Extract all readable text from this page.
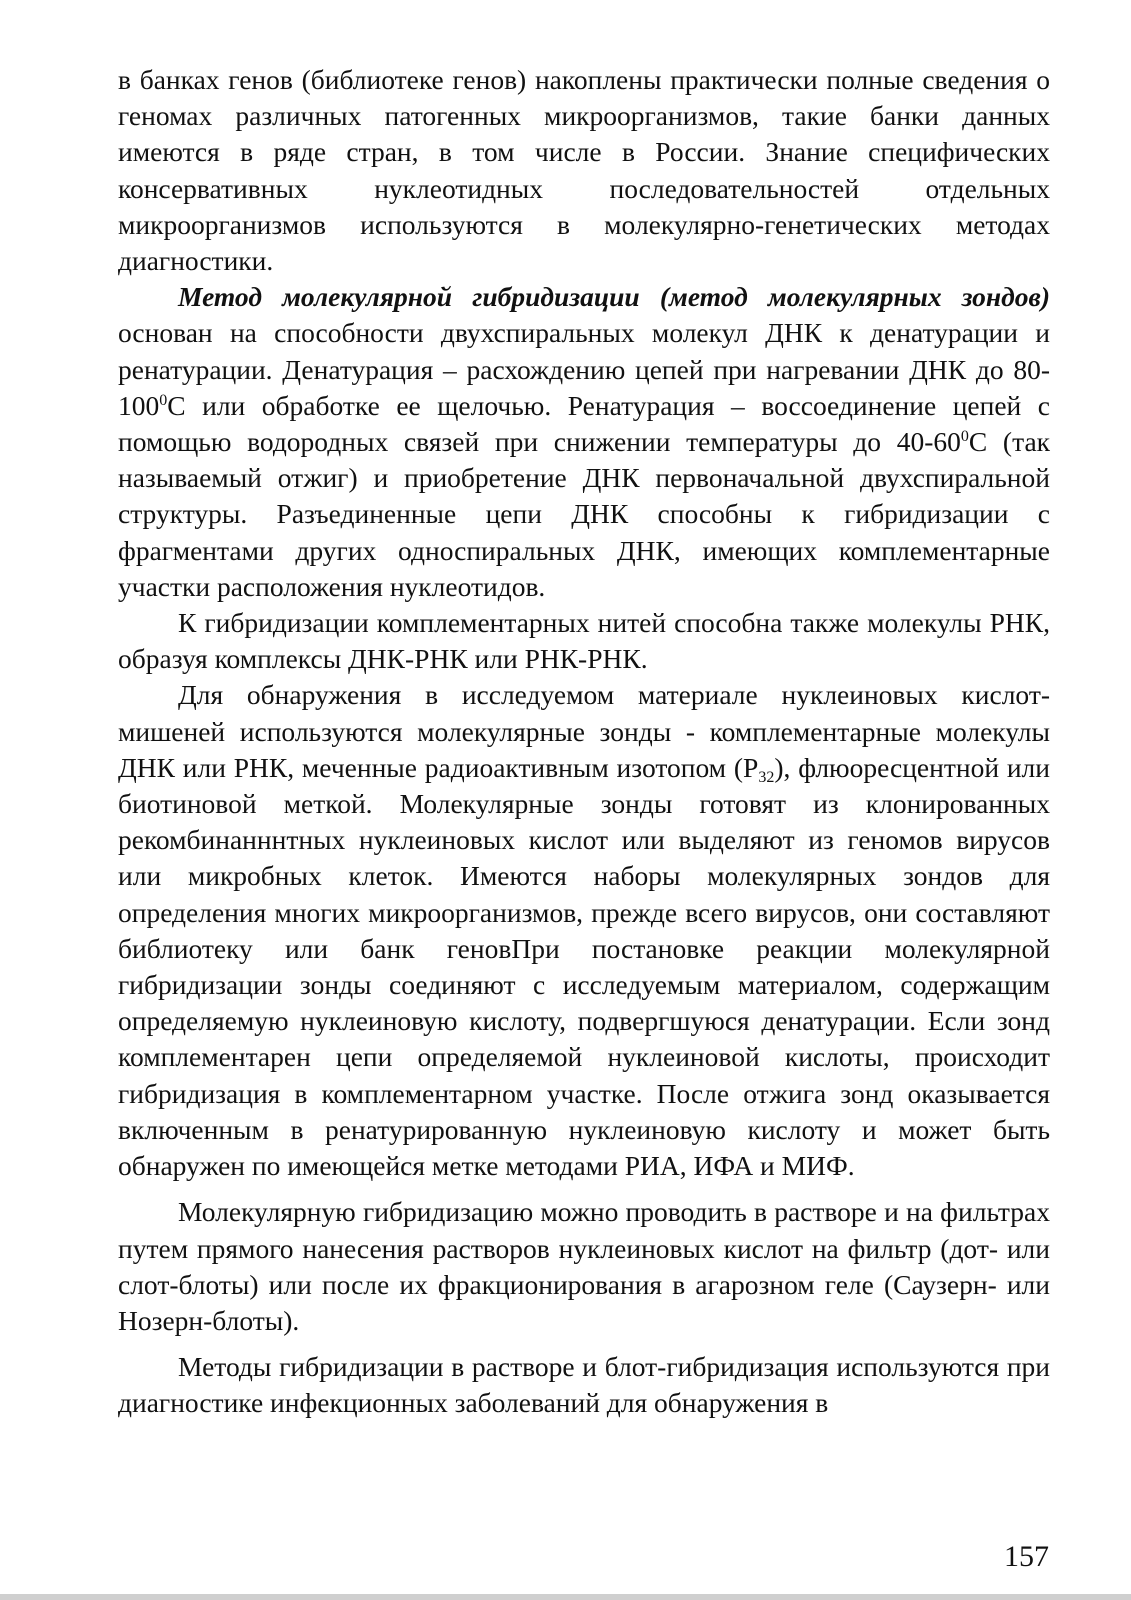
в банках генов (библиотеке генов) накоплены практически полные сведения о геномах различных патогенных микроорганизмов, такие банки данных имеются в ряде стран, в том числе в России. Знание специфических консервативных нуклеотидных последовательностей отдельных микроорганизмов используются в молекулярно-генетических методах диагностики.

Метод молекулярной гибридизации (метод молекулярных зондов) основан на способности двухспиральных молекул ДНК к денатурации и ренатурации. Денатурация – расхождению цепей при нагревании ДНК до $80-100^0С$ или обработке ее щелочью. Ренатурация – воссоединение цепей с помощью водородных связей при снижении температуры до $40-60^0С$ (так называемый отжиг) и приобретение ДНК первоначальной двухспиральной структуры. Разъединенные цепи ДНК способны к гибридизации с фрагментами других односпиральных ДНК, имеющих комплементарные участки расположения нуклеотидов.

К гибридизации комплементарных нитей способна также молекулы РНК, образуя комплексы ДНК-РНК или РНК-РНК.

Для обнаружения в исследуемом материале нуклеиновых кислот-мишеней используются молекулярные зонды - комплементарные молекулы ДНК или РНК, меченные радиоактивным изотопом $(Р_{32})$, флюоресцентной или биотиновой меткой. Молекулярные зонды готовят из клонированных рекомбинанннтных нуклеиновых кислот или выделяют из геномов вирусов или микробных клеток. Имеются наборы молекулярных зондов для определения многих микроорганизмов, прежде всего вирусов, они составляют библиотеку или банк геновПри постановке реакции молекулярной гибридизации зонды соединяют с исследуемым материалом, содержащим определяемую нуклеиновую кислоту, подвергшуюся денатурации. Если зонд комплементарен цепи определяемой нуклеиновой кислоты, происходит гибридизация в комплементарном участке. После отжига зонд оказывается включенным в ренатурированную нуклеиновую кислоту и может быть обнаружен по имеющейся метке методами РИА, ИФА и МИФ.

Молекулярную гибридизацию можно проводить в растворе и на фильтрах путем прямого нанесения растворов нуклеиновых кислот на фильтр (дот- или слот-блоты) или после их фракционирования в агарозном геле (Саузерн- или Нозерн-блоты).

Методы гибридизации в растворе и блот-гибридизация используются при диагностике инфекционных заболеваний для обнаружения в

157
